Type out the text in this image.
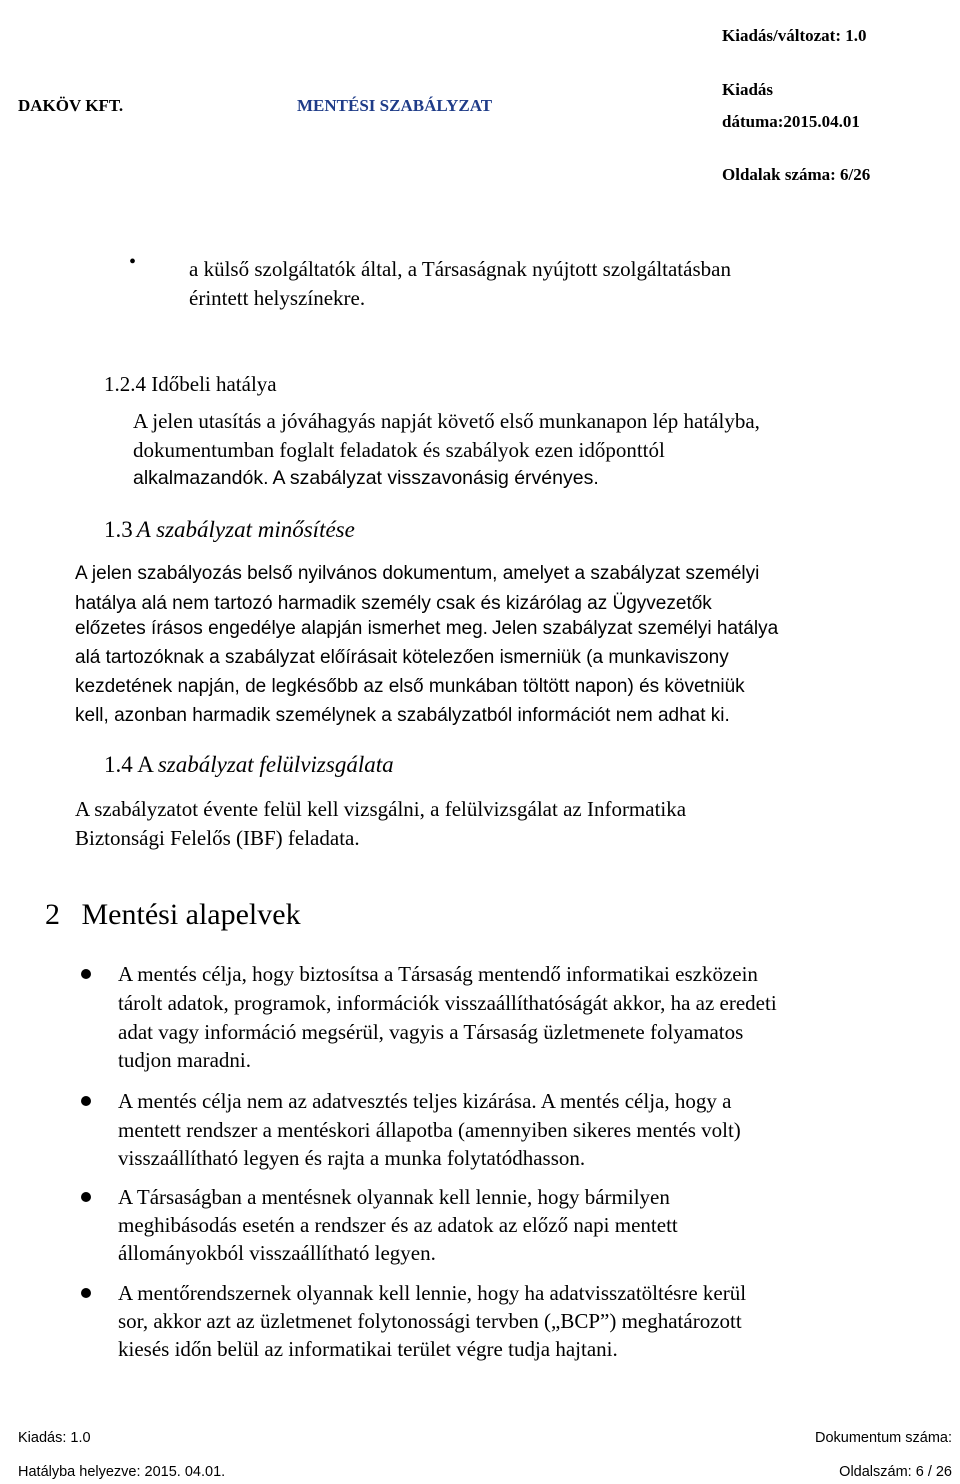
DAKÖV KFT.	MENTÉSI SZABÁLYZAT
Kiadás/változat: 1.0
Kiadás
dátuma:2015.04.01
Oldalak száma: 6/26
•	a külső szolgáltatók által, a Társaságnak nyújtott szolgáltatásban
érintett helyszínekre.
1.2.4 Időbeli hatálya
A jelen utasítás a jóváhagyás napját követő első munkanapon lép hatályba,
dokumentumban foglalt feladatok és szabályok ezen időponttól
alkalmazandók. A szabályzat visszavonásig érvényes.
1.3 A szabályzat minősítése
A jelen szabályozás belső nyilvános dokumentum, amelyet a szabályzat személyi
hatálya alá nem tartozó harmadik személy csak és kizárólag az Ügyvezetők
előzetes írásos engedélye alapján ismerhet meg. Jelen szabályzat személyi hatálya
alá tartozóknak a szabályzat előírásait kötelezően ismerniük (a munkaviszony
kezdetének napján, de legkésőbb az első munkában töltött napon) és követniük
kell, azonban harmadik személynek a szabályzatból információt nem adhat ki.
1.4 A szabályzat felülvizsgálata
A szabályzatot évente felül kell vizsgálni, a felülvizsgálat az Informatika
Biztonsági Felelős (IBF) feladata.
2 Mentési alapelvek
A mentés célja, hogy biztosítsa a Társaság mentendő informatikai eszközein
tárolt adatok, programok, információk visszaállíthatóságát akkor, ha az eredeti
adat vagy információ megsérül, vagyis a Társaság üzletmenete folyamatos
tudjon maradni.
A mentés célja nem az adatvesztés teljes kizárása. A mentés célja, hogy a
mentett rendszer a mentéskori állapotba (amennyiben sikeres mentés volt)
visszaállítható legyen és rajta a munka folytatódhasson.
A Társaságban a mentésnek olyannak kell lennie, hogy bármilyen
meghibásodás esetén a rendszer és az adatok az előző napi mentett
állományokból visszaállítható legyen.
A mentőrendszernek olyannak kell lennie, hogy ha adatvisszatöltésre kerül
sor, akkor azt az üzletmenet folytonossági tervben („BCP”) meghatározott
kiesés időn belül az informatikai terület végre tudja hajtani.
Kiadás: 1.0	Dokumentum száma:
Hatályba helyezve: 2015. 04.01.	Oldalszám: 6 / 26
